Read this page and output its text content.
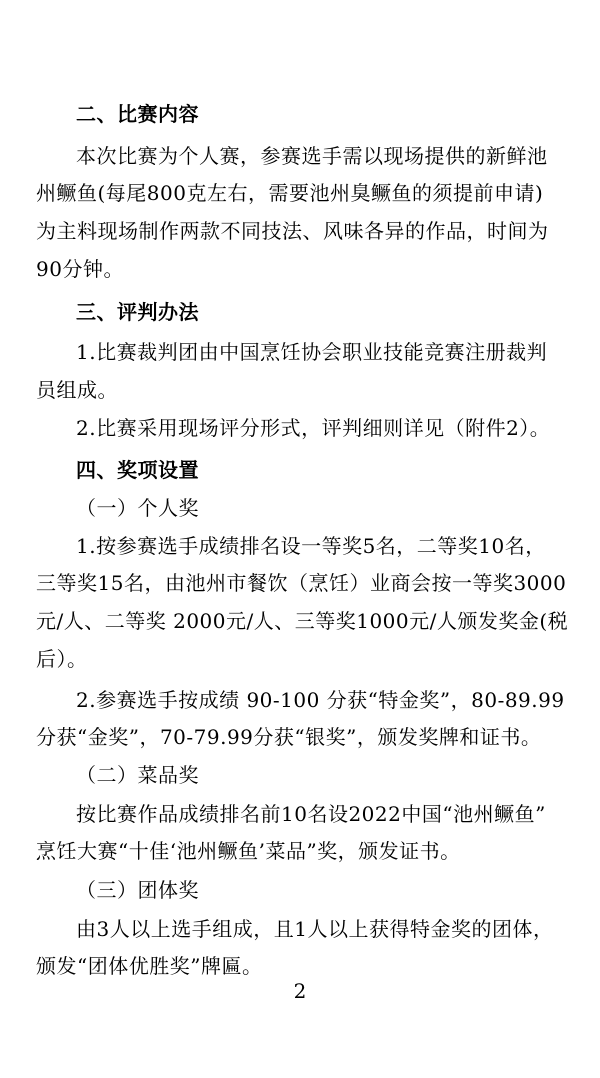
二、比赛内容
本次比赛为个人赛，参赛选手需以现场提供的新鲜池
州鳜鱼(每尾800克左右，需要池州臭鳜鱼的须提前申请)
为主料现场制作两款不同技法、风味各异的作品，时间为
90分钟。
三、评判办法
1.比赛裁判团由中国烹饪协会职业技能竞赛注册裁判
员组成。
2.比赛采用现场评分形式，评判细则详见（附件2）。
四、奖项设置
（一）个人奖
1.按参赛选手成绩排名设一等奖5名，二等奖10名，
三等奖15名，由池州市餐饮（烹饪）业商会按一等奖3000
元/人、二等奖 2000元/人、三等奖1000元/人颁发奖金(税
后）。
2.参赛选手按成绩 90-100 分获“特金奖”，80-89.99
分获“金奖”，70-79.99分获“银奖”，颁发奖牌和证书。
（二）菜品奖
按比赛作品成绩排名前10名设2022中国“池州鳜鱼”
烹饪大赛“十佳‘池州鳜鱼’菜品”奖，颁发证书。
（三）团体奖
由3人以上选手组成，且1人以上获得特金奖的团体，
颁发“团体优胜奖”牌匾。
2
